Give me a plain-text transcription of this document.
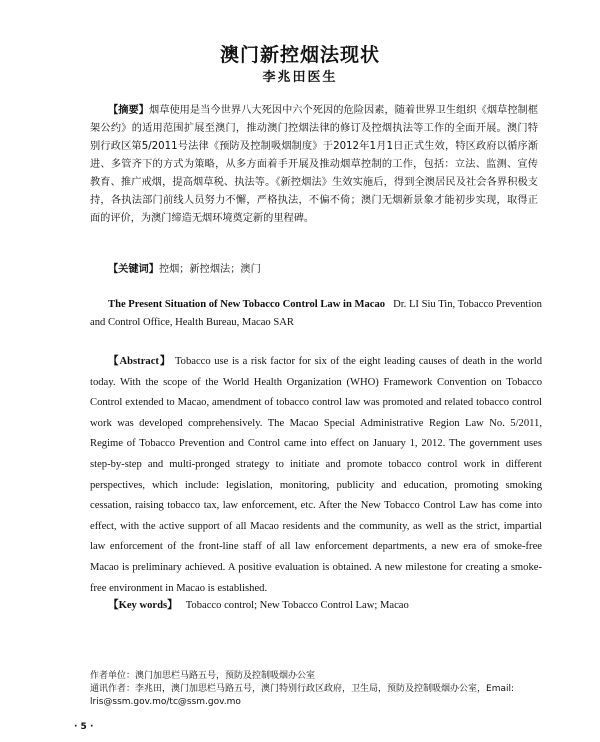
澳门新控烟法现状
李兆田医生

【摘要】烟草使用是当今世界八大死因中六个死因的危险因素，随着世界卫生组织《烟草控制框架公约》的适用范围扩展至澳门，推动澳门控烟法律的修订及控烟执法等工作的全面开展。澳门特别行政区第5/2011号法律《预防及控制吸烟制度》于2012年1月1日正式生效，特区政府以循序渐进、多管齐下的方式为策略，从多方面着手开展及推动烟草控制的工作，包括：立法、监测、宣传教育、推广戒烟，提高烟草税、执法等。《新控烟法》生效实施后，得到全澳居民及社会各界积极支持，各执法部门前线人员努力不懈，严格执法，不偏不倚；澳门无烟新景象才能初步实现，取得正面的评价，为澳门缔造无烟环境奠定新的里程碑。

【关键词】控烟；新控烟法；澳门

The Present Situation of New Tobacco Control Law in Macao Dr. LI Siu Tin, Tobacco Prevention and Control Office, Health Bureau, Macao SAR

【Abstract】 Tobacco use is a risk factor for six of the eight leading causes of death in the world today. With the scope of the World Health Organization (WHO) Framework Convention on Tobacco Control extended to Macao, amendment of tobacco control law was promoted and related tobacco control work was developed comprehensively. The Macao Special Administrative Region Law No. 5/2011, Regime of Tobacco Prevention and Control came into effect on January 1, 2012. The government uses step-by-step and multi-pronged strategy to initiate and promote tobacco control work in different perspectives, which include: legislation, monitoring, publicity and education, promoting smoking cessation, raising tobacco tax, law enforcement, etc. After the New Tobacco Control Law has come into effect, with the active support of all Macao residents and the community, as well as the strict, impartial law enforcement of the front-line staff of all law enforcement departments, a new era of smoke-free Macao is preliminary achieved. A positive evaluation is obtained. A new milestone for creating a smoke-free environment in Macao is established.

【Key words】 Tobacco control; New Tobacco Control Law; Macao

作者单位：澳门加思栏马路五号，预防及控制吸烟办公室
通讯作者：李兆田，澳门加思栏马路五号，澳门特别行政区政府，卫生局，预防及控制吸烟办公室，Email:
lris@ssm.gov.mo/tc@ssm.gov.mo
· 5 ·
